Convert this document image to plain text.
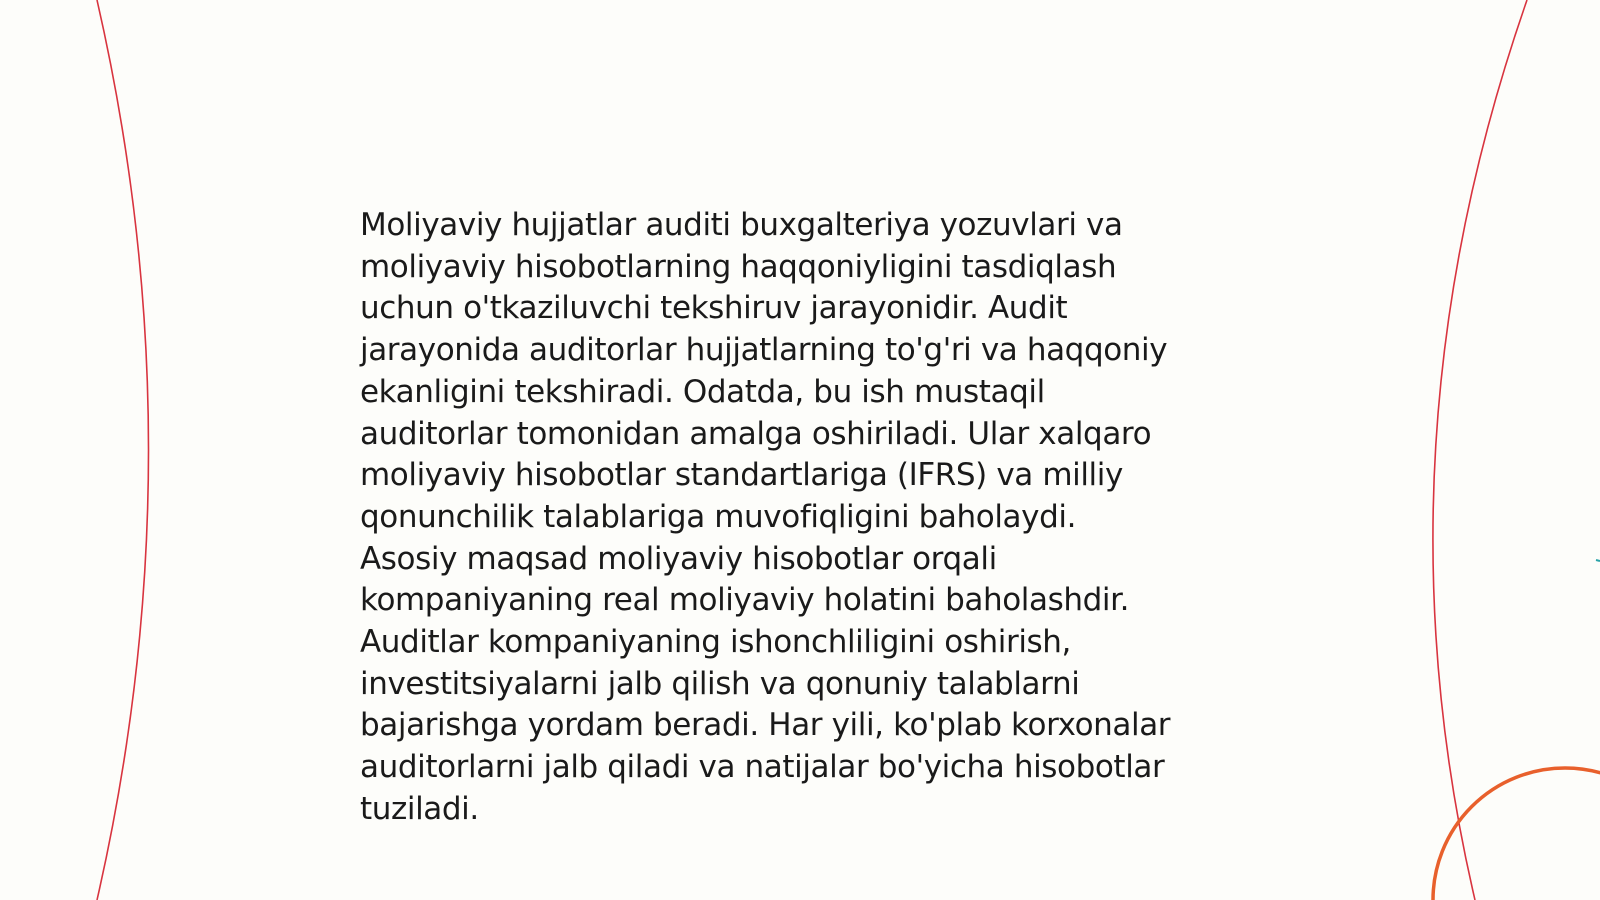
Moliyaviy hujjatlar auditi buxgalteriya yozuvlari va
moliyaviy hisobotlarning haqqoniyligini tasdiqlash
uchun o'tkaziluvchi tekshiruv jarayonidir. Audit
jarayonida auditorlar hujjatlarning to'g'ri va haqqoniy
ekanligini tekshiradi. Odatda, bu ish mustaqil
auditorlar tomonidan amalga oshiriladi. Ular xalqaro
moliyaviy hisobotlar standartlariga (IFRS) va milliy
qonunchilik talablariga muvofiqligini baholaydi.
Asosiy maqsad moliyaviy hisobotlar orqali
kompaniyaning real moliyaviy holatini baholashdir.
Auditlar kompaniyaning ishonchliligini oshirish,
investitsiyalarni jalb qilish va qonuniy talablarni
bajarishga yordam beradi. Har yili, ko'plab korxonalar
auditorlarni jalb qiladi va natijalar bo'yicha hisobotlar
tuziladi.
